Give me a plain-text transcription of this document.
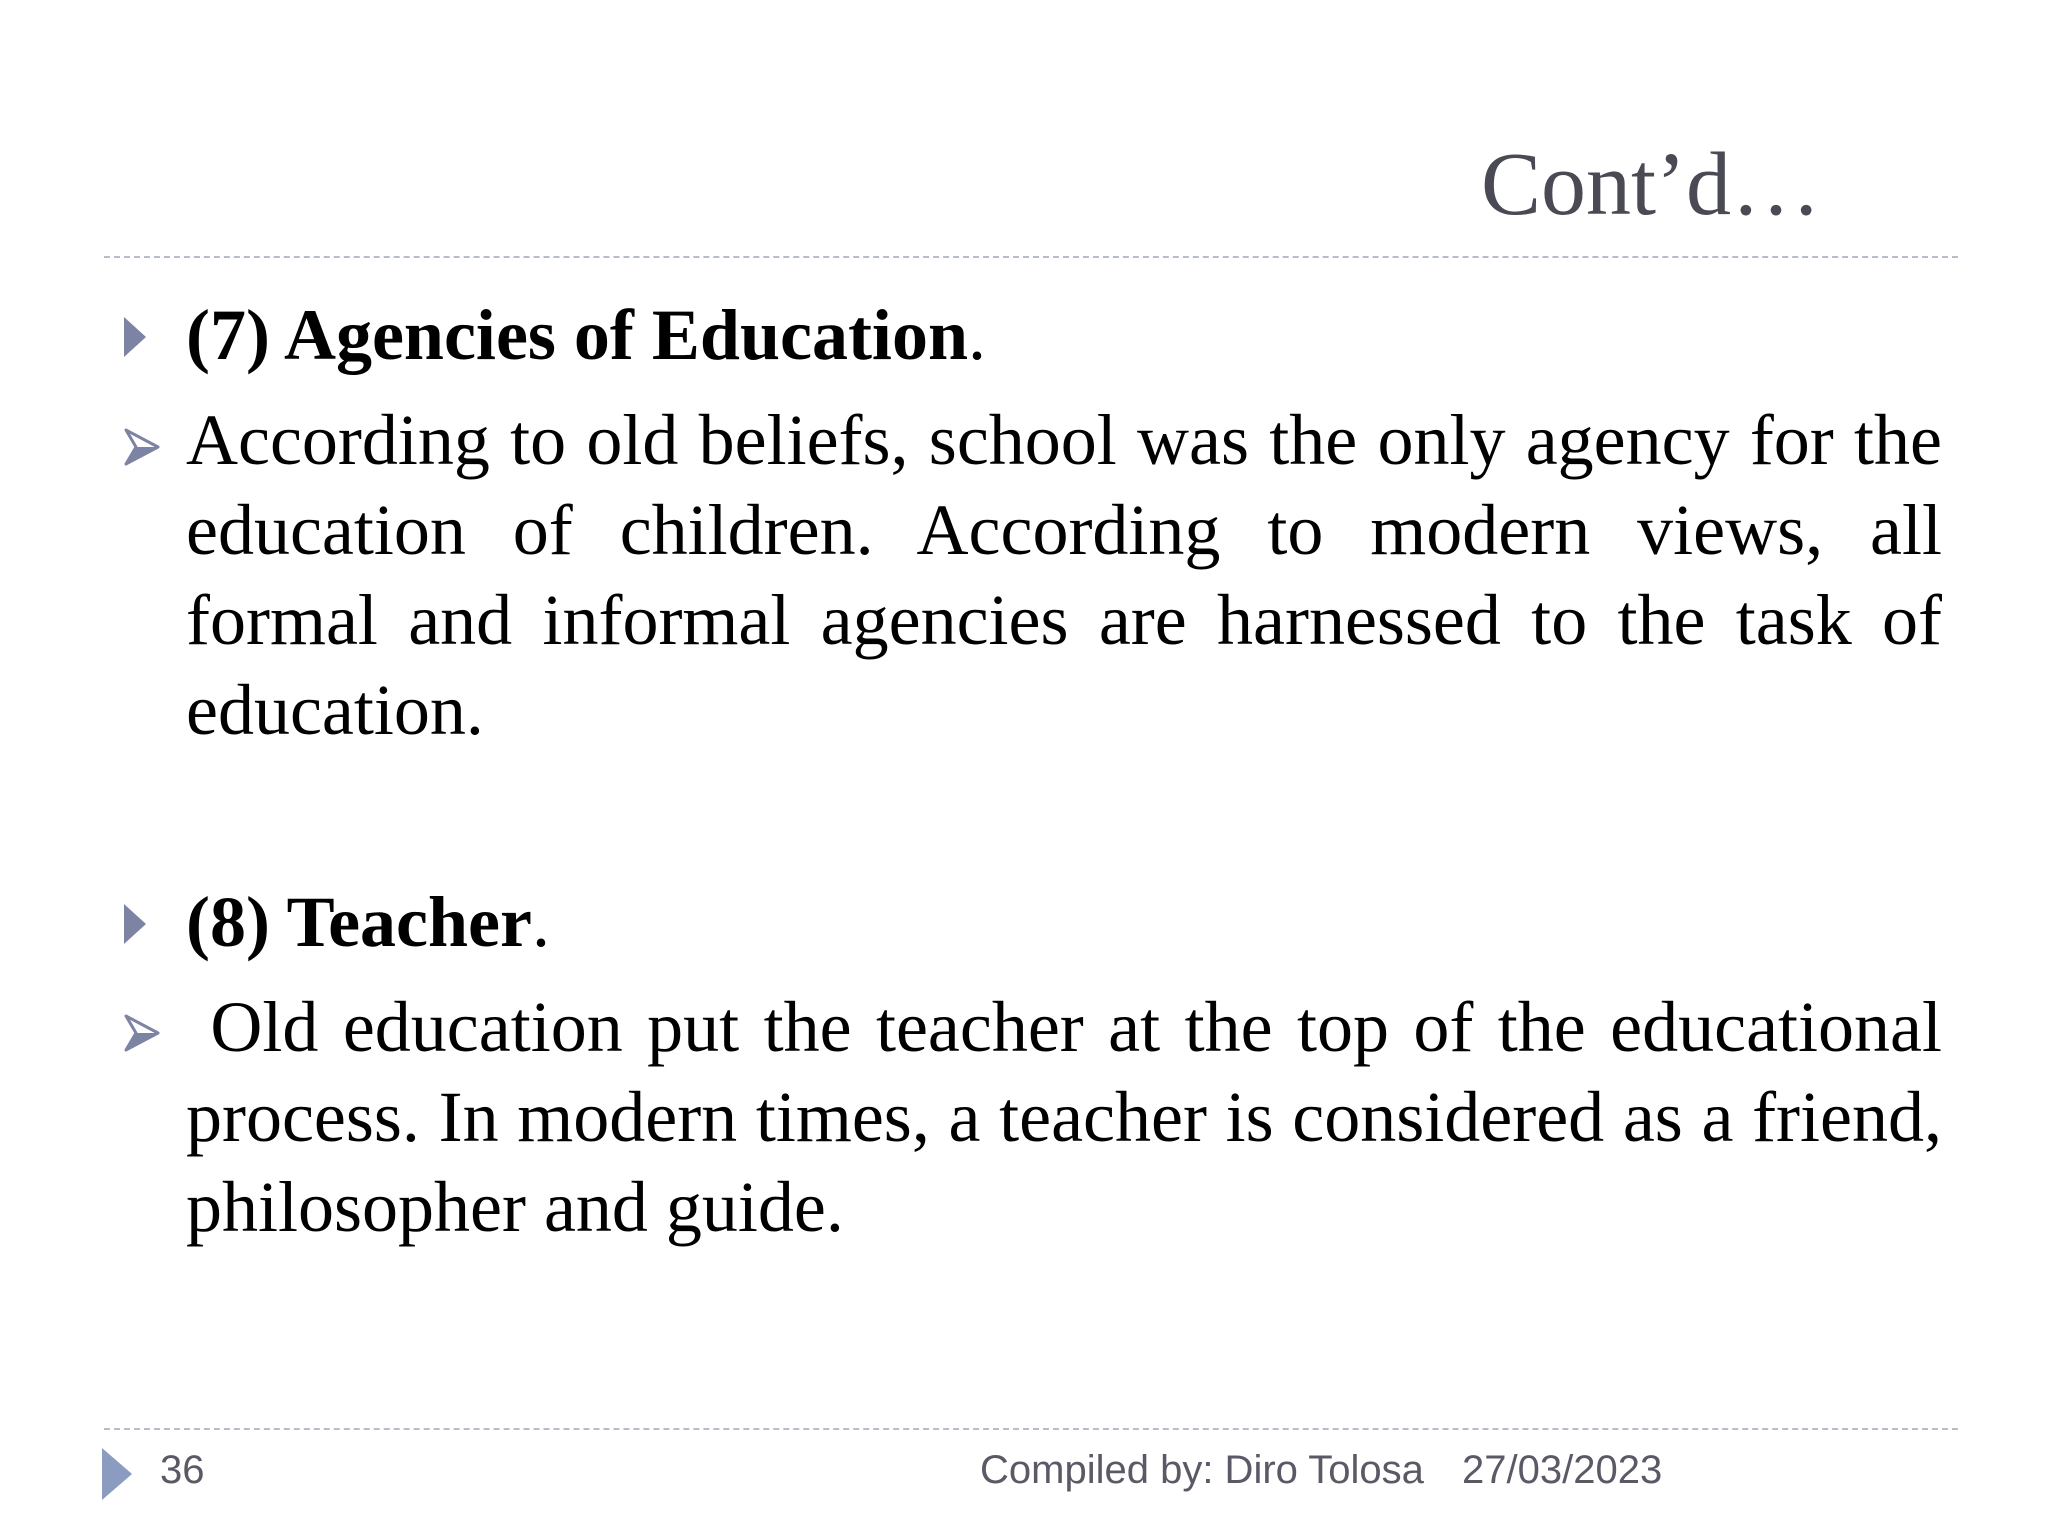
Cont’d…
(7) Agencies of Education.
According to old beliefs, school was the only agency for the education of children. According to modern views, all formal and informal agencies are harnessed to the task of education.
(8) Teacher.
Old education put the teacher at the top of the educational process. In modern times, a teacher is considered as a friend, philosopher and guide.
36	Compiled by: Diro Tolosa 27/03/2023
